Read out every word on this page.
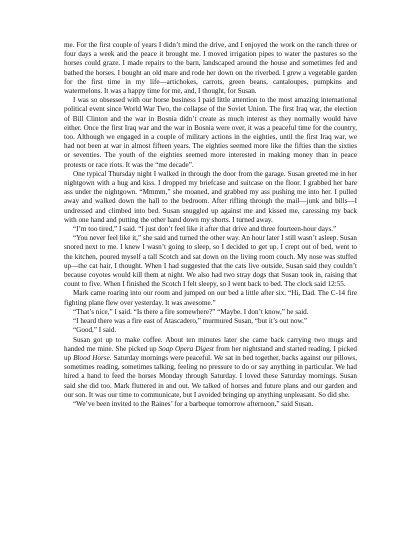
me. For the first couple of years I didn’t mind the drive, and I enjoyed the work on the ranch three or four days a week and the peace it brought me. I moved irrigation pipes to water the pastures so the horses could graze. I made repairs to the barn, landscaped around the house and sometimes fed and bathed the horses. I bought an old mare and rode her down on the riverbed. I grew a vegetable garden for the first time in my life—artichokes, carrots, green beans, cantaloupes, pumpkins and watermelons. It was a happy time for me, and, I thought, for Susan.

I was so obsessed with our horse business I paid little attention to the most amazing international political event since World War Two, the collapse of the Soviet Union. The first Iraq war, the election of Bill Clinton and the war in Bosnia didn’t create as much interest as they normally would have either. Once the first Iraq war and the war in Bosnia were over, it was a peaceful time for the country, too. Although we engaged in a couple of military actions in the eighties, until the first Iraq war, we had not been at war in almost fifteen years. The eighties seemed more like the fifties than the sixties or seventies. The youth of the eighties seemed more interested in making money than in peace protests or race riots. It was the “me decade”.

One typical Thursday night I walked in through the door from the garage. Susan greeted me in her nightgown with a hug and kiss. I dropped my briefcase and suitcase on the floor. I grabbed her bare ass under the nightgown. “Mmmm,” she moaned, and grabbed my ass pushing me into her. I pulled away and walked down the hall to the bedroom. After rifling through the mail—junk and bills—I undressed and climbed into bed. Susan snuggled up against me and kissed me, caressing my back with one hand and putting the other hand down my shorts. I turned away.

“I’m too tired,” I said. “I just don’t feel like it after that drive and three fourteen-hour days.”

“You never feel like it,” she said and turned the other way. An hour later I still wasn’t asleep. Susan snored next to me. I knew I wasn’t going to sleep, so I decided to get up. I crept out of bed, went to the kitchen, poured myself a tall Scotch and sat down on the living room couch. My nose was stuffed up—the cat hair, I thought. When I had suggested that the cats live outside, Susan said they couldn’t because coyotes would kill them at night. We also had two stray dogs that Susan took in, raising that count to five. When I finished the Scotch I felt sleepy, so I went back to bed. The clock said 12:55.

Mark came roaring into our room and jumped on our bed a little after six. “Hi, Dad. The C-14 fire fighting plane flew over yesterday. It was awesome.”

“That’s nice,” I said. “Is there a fire somewhere?” “Maybe. I don’t know,” he said.

“I heard there was a fire east of Atascadero,” murmured Susan, “but it’s out now.”

“Good,” I said.

Susan got up to make coffee. About ten minutes later she came back carrying two mugs and handed me mine. She picked up Soap Opera Digest from her nightstand and started reading. I picked up Blood Horse. Saturday mornings were peaceful. We sat in bed together, backs against our pillows, sometimes reading, sometimes talking, feeling no pressure to do or say anything in particular. We had hired a hand to feed the horses Monday through Saturday. I loved these Saturday mornings. Susan said she did too. Mark fluttered in and out. We talked of horses and future plans and our garden and our son. It was our time to communicate, but I avoided bringing up anything unpleasant. So did she.

“We’ve been invited to the Raines’ for a barbeque tomorrow afternoon,” said Susan.
